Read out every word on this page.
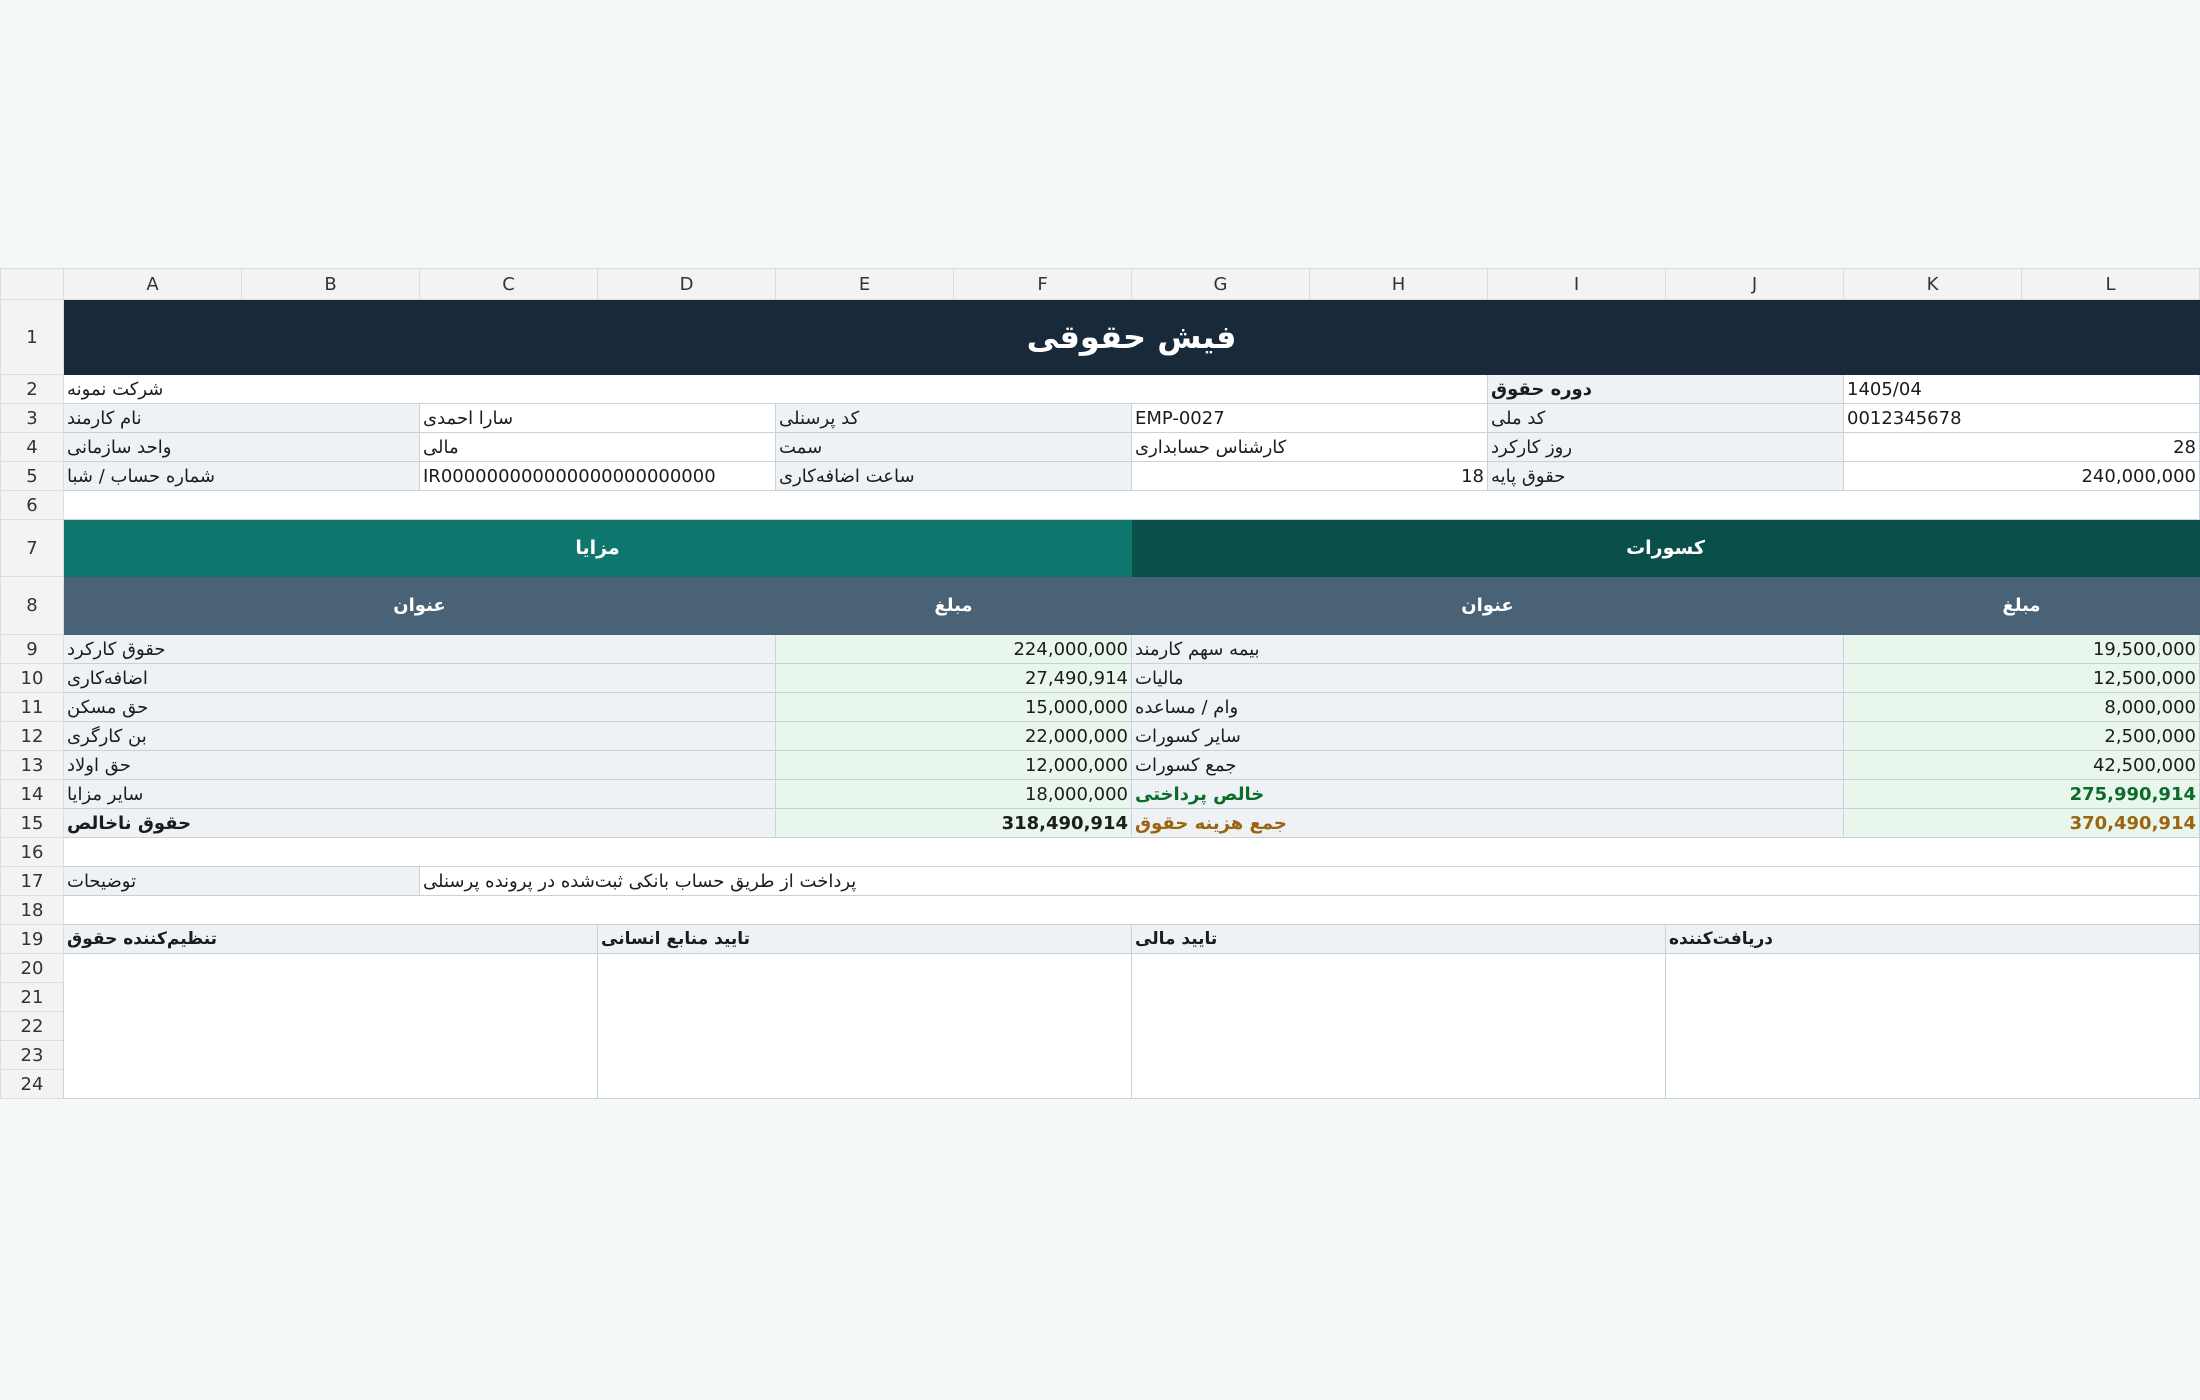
	A	B	C	D	E	F	G	H	I	J	K	L
1	فیش حقوقی											
2	شرکت نمونه								دوره حقوق		1405/04	
3	نام کارمند		سارا احمدی		کد پرسنلی		EMP-0027		کد ملی		0012345678	
4	واحد سازمانی		مالی		سمت		کارشناس حسابداری		روز کارکرد		28	
5	شماره حساب / شبا		IR000000000000000000000000		ساعت اضافه‌کاری		18		حقوق پایه		240,000,000	
6												
7	مزایا						کسورات					
8	عنوان				مبلغ		عنوان				مبلغ	
9	حقوق کارکرد				224,000,000		بیمه سهم کارمند				19,500,000	
10	اضافه‌کاری				27,490,914		مالیات				12,500,000	
11	حق مسکن				15,000,000		وام / مساعده				8,000,000	
12	بن کارگری				22,000,000		سایر کسورات				2,500,000	
13	حق اولاد				12,000,000		جمع کسورات				42,500,000	
14	سایر مزایا				18,000,000		خالص پرداختی				275,990,914	
15	حقوق ناخالص				318,490,914		جمع هزینه حقوق				370,490,914	
16												
17	توضیحات		پرداخت از طریق حساب بانکی ثبت‌شده در پرونده پرسنلی									
18												
19	تنظیم‌کننده حقوق			تایید منابع انسانی			تایید مالی			دریافت‌کننده		
20												
21												
22												
23												
24												
